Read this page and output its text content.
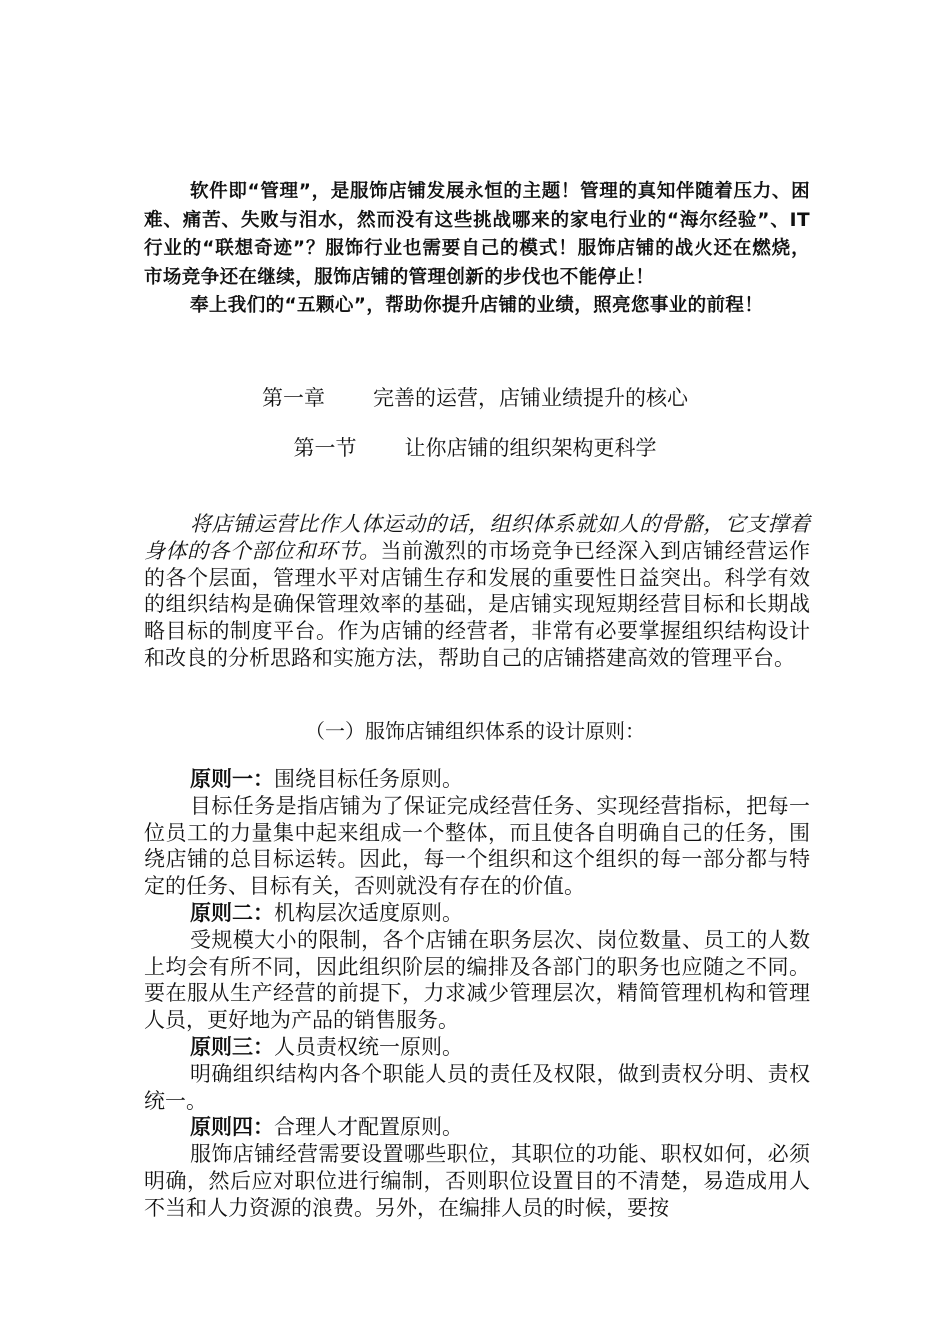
软件即“管理”，是服饰店铺发展永恒的主题！管理的真知伴随着压力、困难、痛苦、失败与泪水，然而没有这些挑战哪来的家电行业的“海尔经验”、IT 行业的“联想奇迹”？服饰行业也需要自己的模式！服饰店铺的战火还在燃烧，市场竞争还在继续，服饰店铺的管理创新的步伐也不能停止！

奉上我们的“五颗心”，帮助你提升店铺的业绩，照亮您事业的前程！

第一章 完善的运营，店铺业绩提升的核心
第一节 让你店铺的组织架构更科学

将店铺运营比作人体运动的话，组织体系就如人的骨骼，它支撑着身体的各个部位和环节。当前激烈的市场竞争已经深入到店铺经营运作的各个层面，管理水平对店铺生存和发展的重要性日益突出。科学有效的组织结构是确保管理效率的基础，是店铺实现短期经营目标和长期战略目标的制度平台。作为店铺的经营者，非常有必要掌握组织结构设计和改良的分析思路和实施方法，帮助自己的店铺搭建高效的管理平台。

（一）服饰店铺组织体系的设计原则：

原则一：围绕目标任务原则。

目标任务是指店铺为了保证完成经营任务、实现经营指标，把每一位员工的力量集中起来组成一个整体，而且使各自明确自己的任务，围绕店铺的总目标运转。因此，每一个组织和这个组织的每一部分都与特定的任务、目标有关，否则就没有存在的价值。

原则二：机构层次适度原则。

受规模大小的限制，各个店铺在职务层次、岗位数量、员工的人数上均会有所不同，因此组织阶层的编排及各部门的职务也应随之不同。要在服从生产经营的前提下，力求减少管理层次，精简管理机构和管理人员，更好地为产品的销售服务。

原则三：人员责权统一原则。

明确组织结构内各个职能人员的责任及权限，做到责权分明、责权统一。

原则四：合理人才配置原则。

服饰店铺经营需要设置哪些职位，其职位的功能、职权如何，必须明确，然后应对职位进行编制，否则职位设置目的不清楚，易造成用人不当和人力资源的浪费。另外，在编排人员的时候，要按
